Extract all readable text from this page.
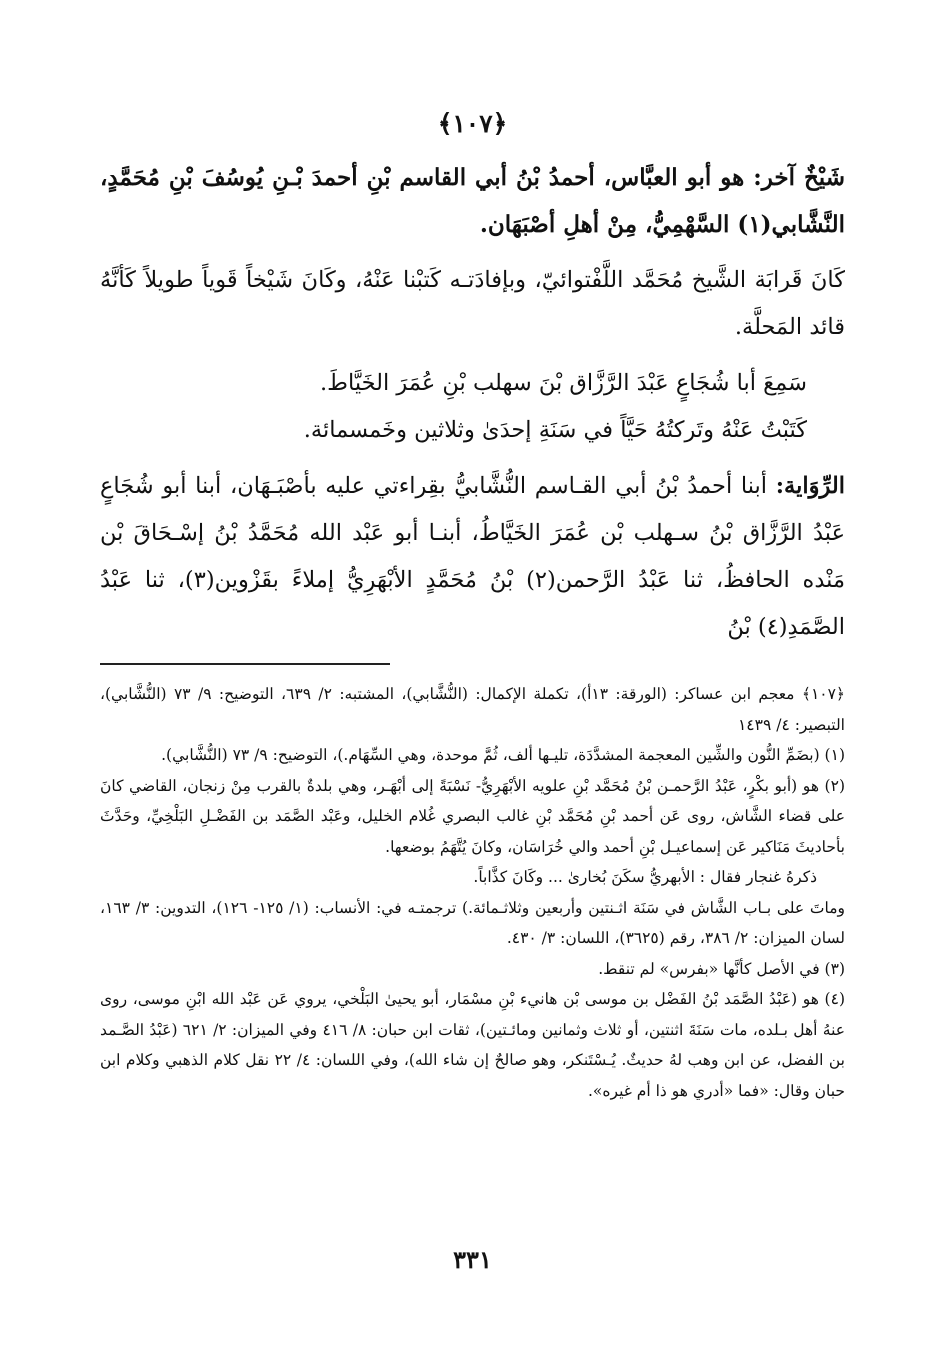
﴿١٠٧﴾

شَيْخٌ آخر: هو أبو العبَّاس، أحمدُ بْنُ أبي القاسم بْنِ أحمدَ بْـنِ يُوسُفَ بْنِ مُحَمَّدٍ، النَّشَّابي(١) السَّهْمِيُّ، مِنْ أهلِ أصْبَهَان.

كَانَ قَرابَة الشَّيخ مُحَمَّد اللَّفْتوائيّ، وبإفادَتـه كَتبْنا عَنْهُ، وكَانَ شَيْخاً قَوياً طويلاً كَأنَّهُ قائد المَحلَّة.

سَمِعَ أبا شُجَاعٍ عَبْدَ الرَّزَّاق بْنَ سهلب بْنِ عُمَرَ الخَيَّاطَ.

كَتَبْتُ عَنْهُ وتَركتُهُ حَيَّاً في سَنَةِ إحدَىٰ وثلاثين وخَمسمائة.

الرِّوَاية: أبنا أحمدُ بْنُ أبي القـاسم النُّشَّابيُّ بقِراءتي عليه بأصْبَـهَان، أبنا أبو شُجَاعٍ عَبْدُ الرَّزَّاق بْنُ سـهلب بْن عُمَرَ الخَيَّاطُ، أبنـا أبو عَبْد الله مُحَمَّدُ بْنُ إسْـحَاقَ بْن مَنْده الحافظُ، ثنا عَبْدُ الرَّحمن(٢) بْنُ مُحَمَّدٍ الأبْهَرِيُّ إملاءً بقَزْوين(٣)، ثنا عَبْدُ الصَّمَدِ(٤) بْنُ

﴿١٠٧﴾ معجم ابن عساكر: (الورقة: ١٣أ)، تكملة الإكمال: (النُّشَّابي)، المشتبه: ٢/ ٦٣٩، التوضيح: ٩/ ٧٣ (النُّشَّابي)، التبصير: ٤/ ١٤٣٩

(١) (بضَمِّ النُّون والشِّين المعجمة المشدَّدَة، تليـها ألف، ثُمَّ موحدة، وهي السِّهَام.)، التوضيح: ٩/ ٧٣ (النُّشَّابي).

(٢) هو (أبو بكْرٍ، عَبْدُ الرَّحمـن بْنُ مُحَمَّد بْنِ علويه الأبْهَرِيُّ- نَسْبَةً إلى أبْهَـر، وهي بلدةٌ بالقرب مِنْ زنجان، القاضي كانَ على قضاء الشَّاش، روى عَن أحمد بْنِ مُحَمَّد بْنِ غالب البصري غُلام الخليل، وعَبْد الصَّمَد بن الفَضْـلِ البَلْخِيِّ، وحَدَّثَ بأحاديثَ مَنَاكير عَن إسماعيـل بْنِ أحمد والي خُرَاسَان، وكانَ يُتَّهَمُ بوضعها.

ذكرهُ غنجار فقال : الأبهريُّ سكَنَ بُخارىٰ ... وكَانَ كذَّاباً.

وماتَ على بـاب الشَّاش في سَنَة اثـنتين وأربعين وثلاثـمائة.) ترجمتـه في: الأنساب: (١/ ١٢٥- ١٢٦)، التدوين: ٣/ ١٦٣، لسان الميزان: ٢/ ٣٨٦، رقم (٣٦٢٥)، اللسان: ٣/ ٤٣٠.

(٣) في الأصل كأنَّها «بفرس» لم تنقط.

(٤) هو (عَبْدُ الصَّمَد بْنُ الفَضْل بن موسى بْن هانيء بْنِ مسْمَار، أبو يحيىٰ البَلْخي، يروي عَن عَبْد الله ابْنِ موسى، روى عنهُ أهل بـلده، مات سَنَةَ اثنتين، أو ثلاث وثمانين ومائـتين)، ثقات ابن حبان: ٨/ ٤١٦ وفي الميزان: ٢/ ٦٢١ (عَبْدُ الصَّـمد بن الفضل، عن ابن وهب لهُ حديثٌ. يُـسْتَنكر، وهو صالحٌ إن شاء الله)، وفي اللسان: ٤/ ٢٢ نقل كلام الذهبي وكلام ابن حبان وقال: «فما «أدري هو ذا أم غيره».

٣٣١
